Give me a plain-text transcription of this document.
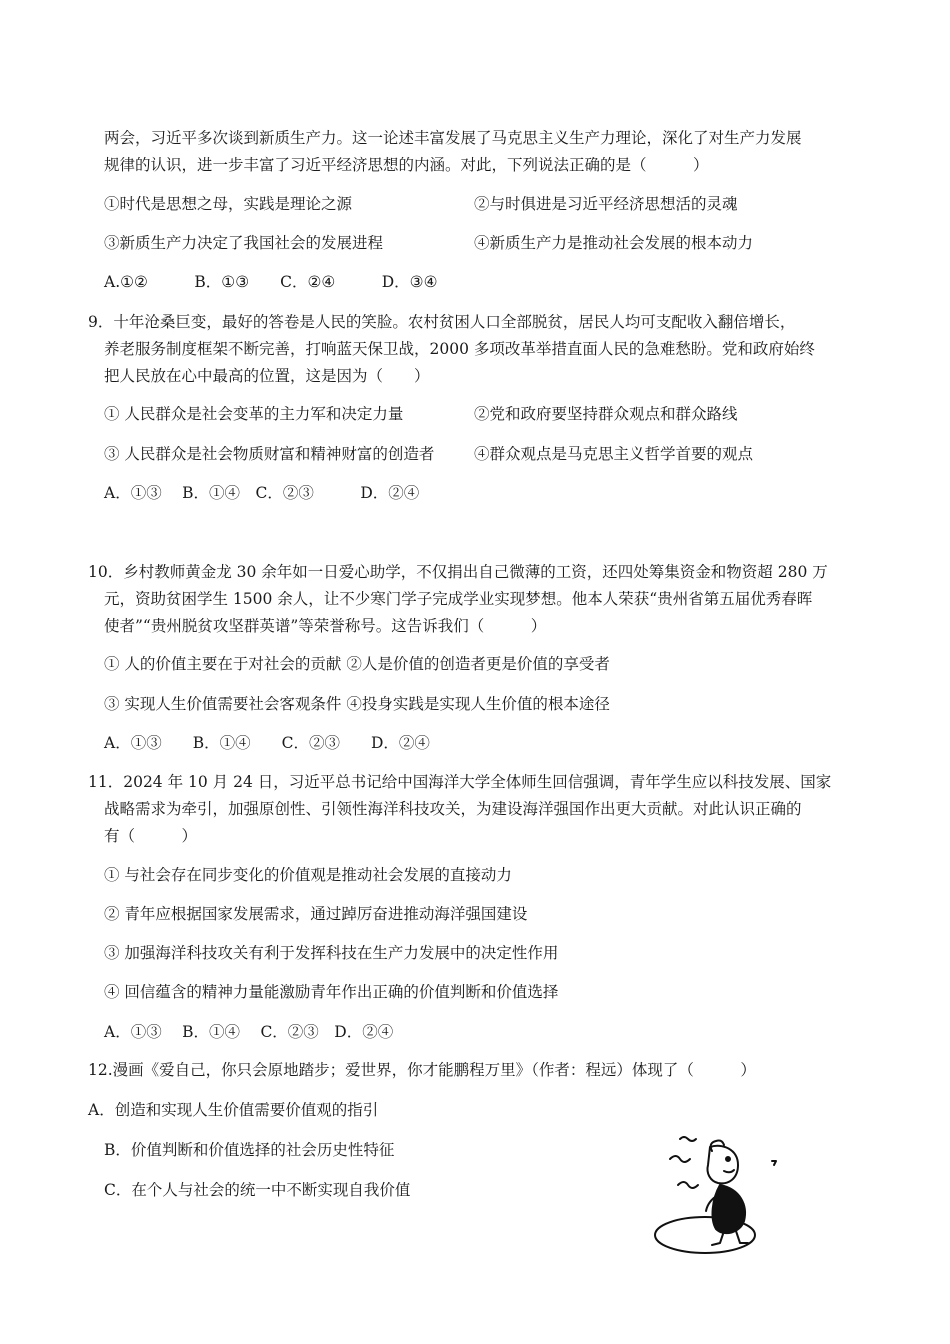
两会，习近平多次谈到新质生产力。这一论述丰富发展了马克思主义生产力理论，深化了对生产力发展
规律的认识，进一步丰富了习近平经济思想的内涵。对此，下列说法正确的是（　　　）
①时代是思想之母，实践是理论之源	②与时俱进是习近平经济思想活的灵魂
③新质生产力决定了我国社会的发展进程	④新质生产力是推动社会发展的根本动力
A.①②　　　B．①③　　C．②④　　　D．③④
9．十年沧桑巨变，最好的答卷是人民的笑脸。农村贫困人口全部脱贫，居民人均可支配收入翻倍增长，
养老服务制度框架不断完善，打响蓝天保卫战，2000 多项改革举措直面人民的急难愁盼。党和政府始终
把人民放在心中最高的位置，这是因为（　　）
① 人民群众是社会变革的主力军和决定力量	②党和政府要坚持群众观点和群众路线
③ 人民群众是社会物质财富和精神财富的创造者	④群众观点是马克思主义哲学首要的观点
A．①③　 B．①④　C．②③　　　D．②④
10．乡村教师黄金龙 30 余年如一日爱心助学，不仅捐出自己微薄的工资，还四处筹集资金和物资超 280 万
元，资助贫困学生 1500 余人，让不少寒门学子完成学业实现梦想。他本人荣获“贵州省第五届优秀春晖
使者”“贵州脱贫攻坚群英谱”等荣誉称号。这告诉我们（　　　）
① 人的价值主要在于对社会的贡献 ②人是价值的创造者更是价值的享受者
③ 实现人生价值需要社会客观条件 ④投身实践是实现人生价值的根本途径
A．①③　　B．①④　　C．②③　　D．②④
11．2024 年 10 月 24 日，习近平总书记给中国海洋大学全体师生回信强调，青年学生应以科技发展、国家
战略需求为牵引，加强原创性、引领性海洋科技攻关，为建设海洋强国作出更大贡献。对此认识正确的
有（　　　）
① 与社会存在同步变化的价值观是推动社会发展的直接动力
② 青年应根据国家发展需求，通过踔厉奋进推动海洋强国建设
③ 加强海洋科技攻关有利于发挥科技在生产力发展中的决定性作用
④ 回信蕴含的精神力量能激励青年作出正确的价值判断和价值选择
A．①③　 B．①④　 C．②③　D．②④
12.漫画《爱自己，你只会原地踏步；爱世界，你才能鹏程万里》（作者：程远）体现了（　　　）
A．创造和实现人生价值需要价值观的指引
B．价值判断和价值选择的社会历史性特征
C．在个人与社会的统一中不断实现自我价值
